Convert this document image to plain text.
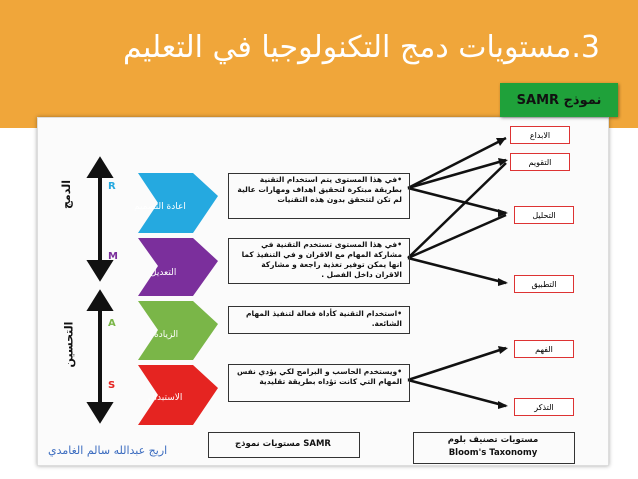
3.مستويات دمج التكنولوجيا في التعليم
الدمج
التحسين
R
M
A
S
اعادة التصميم
التعديل
الزيادة
الاستبدال
•في هذا المستوى يتم استخدام التقنية بطريقة مبتكرة لتحقيق اهداف ومهارات عالية لم تكن لتتحقق بدون هذه التقنيات
•في هذا المستوى تستخدم التقنية في مشاركة المهام مع الاقران و في التنفيذ كما انها يمكن توفير تغذية راجعة و مشاركة الاقران داخل الفصل .
•استخدام التقنية كأداة فعالة لتنفيذ المهام الشائعة.
•ويستخدم الحاسب و البرامج لكي يؤدي نفس المهام التي كانت تؤداه بطريقة تقليدية
الابداع
التقويم
التحليل
التطبيق
الفهم
التذكر
مستويات نموذج SAMR	مستويات تصنيف بلوم
Bloom's Taxonomy
اريج عبدالله سالم الغامدي
نموذج SAMR
